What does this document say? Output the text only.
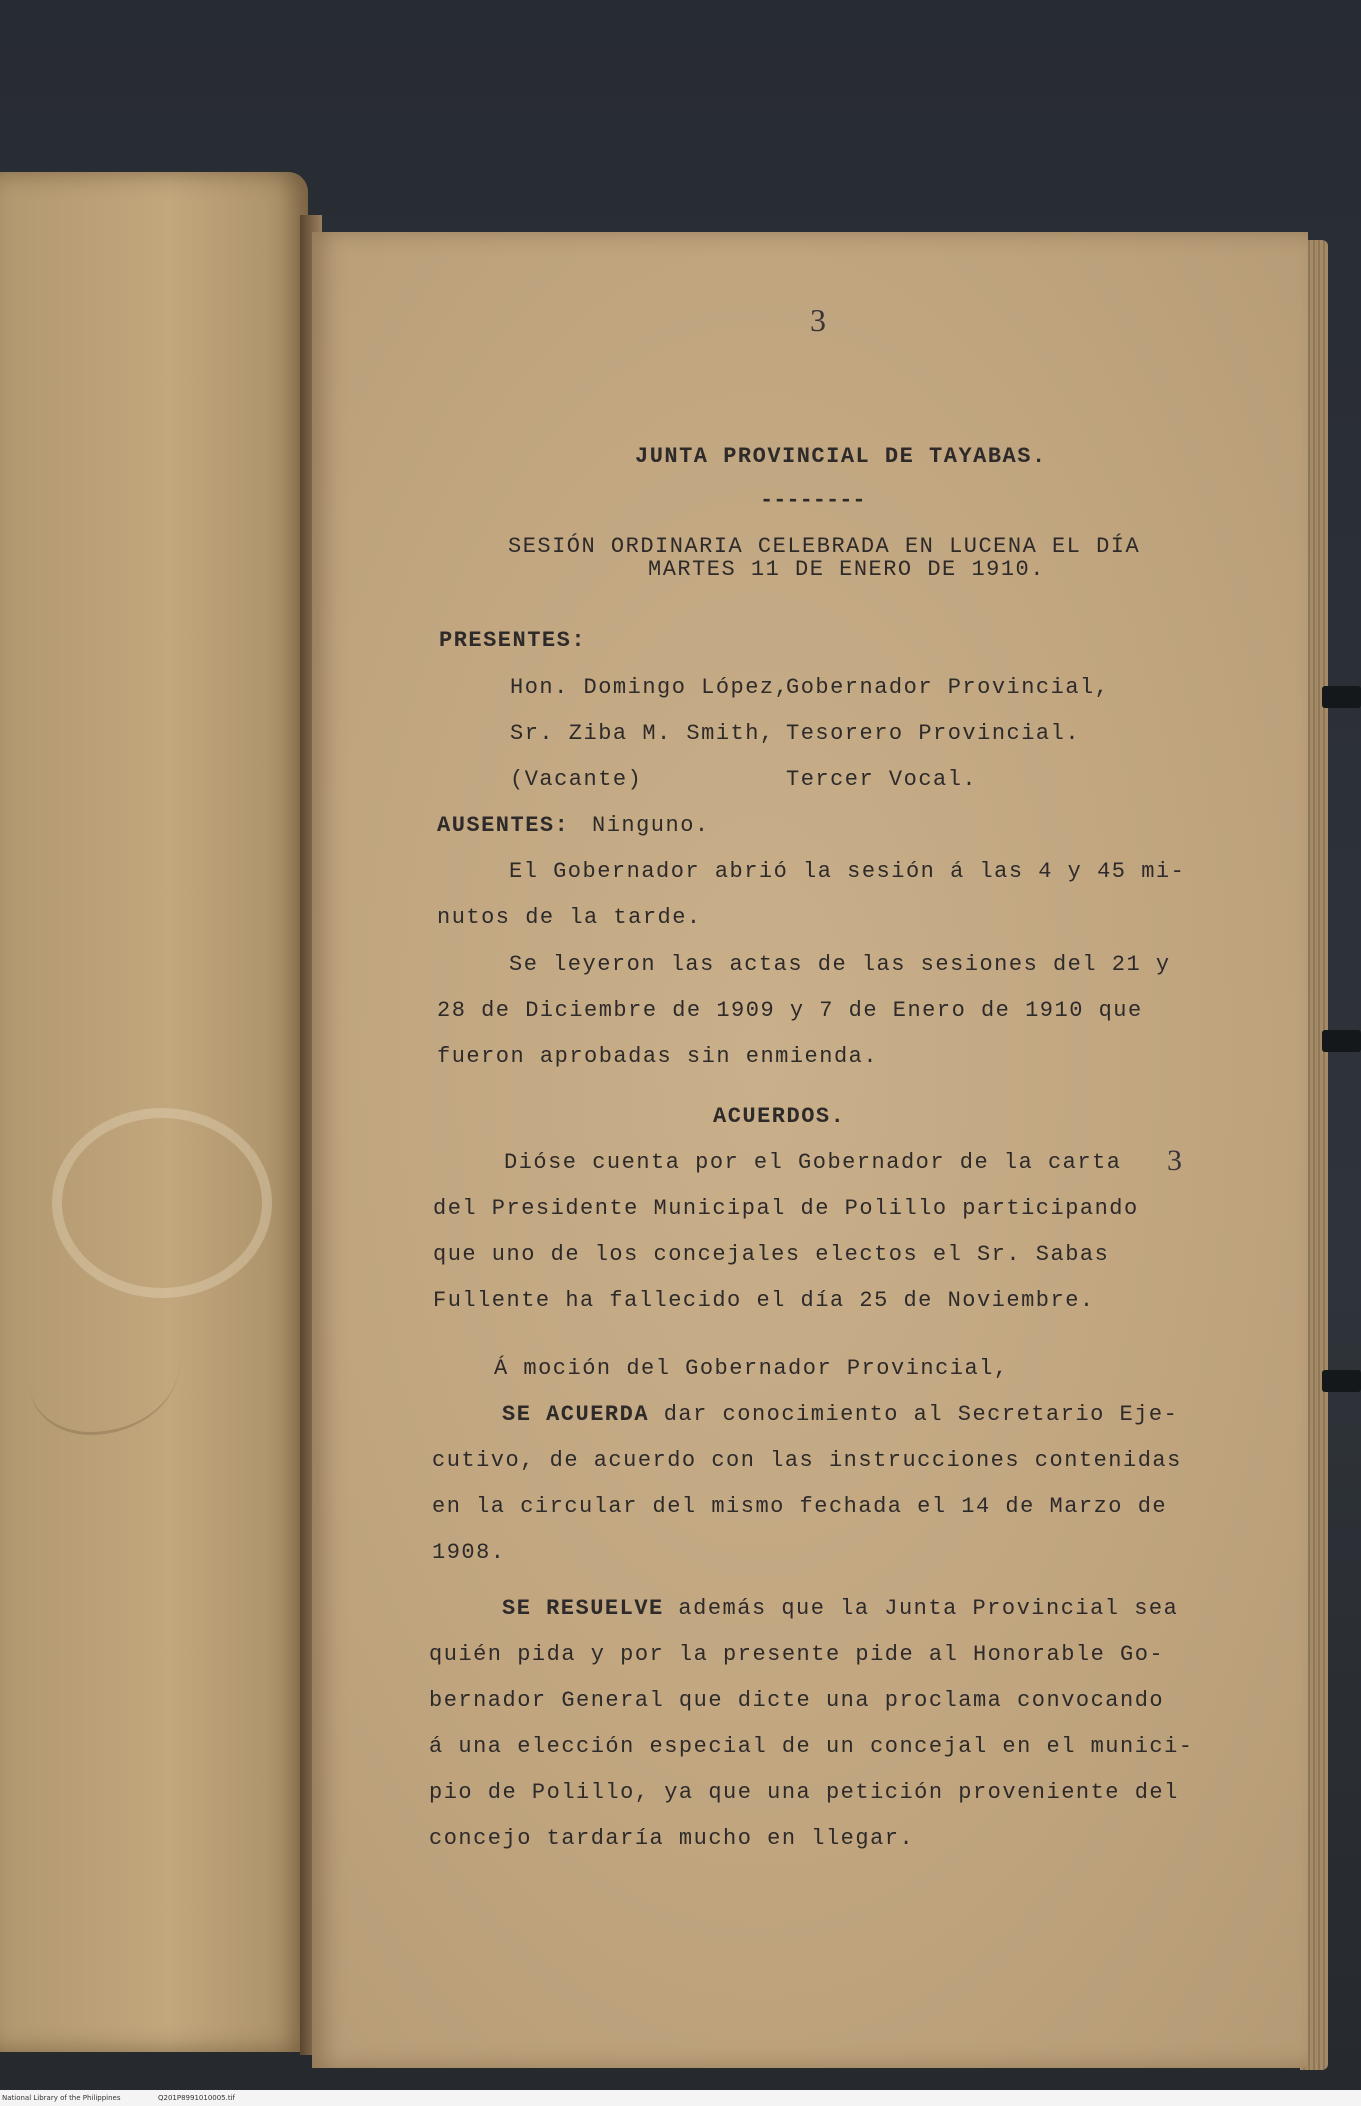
3
JUNTA PROVINCIAL DE TAYABAS.
--------
SESIÓN ORDINARIA CELEBRADA EN LUCENA EL DÍA
MARTES 11 DE ENERO DE 1910.
PRESENTES:
Hon. Domingo López,
Gobernador Provincial,
Sr. Ziba M. Smith, Tesorero Provincial.
(Vacante)	Tercer Vocal.
AUSENTES: Ninguno.
El Gobernador abrió la sesión á las 4 y 45 mi-
nutos de la tarde.
Se leyeron las actas de las sesiones del 21 y
28 de Diciembre de 1909 y 7 de Enero de 1910 que
fueron aprobadas sin enmienda.
ACUERDOS.
Dióse cuenta por el Gobernador de la carta 3
del Presidente Municipal de Polillo participando
que uno de los concejales electos el Sr. Sabas
Fullente ha fallecido el día 25 de Noviembre.
Á moción del Gobernador Provincial,
SE ACUERDA dar conocimiento al Secretario Eje-
cutivo, de acuerdo con las instrucciones contenidas
en la circular del mismo fechada el 14 de Marzo de
1908.
SE RESUELVE además que la Junta Provincial sea
quién pida y por la presente pide al Honorable Go-
bernador General que dicte una proclama convocando
á una elección especial de un concejal en el munici-
pio de Polillo, ya que una petición proveniente del
concejo tardaría mucho en llegar.
National Library of the Philippines	Q201P8991010005.tif
